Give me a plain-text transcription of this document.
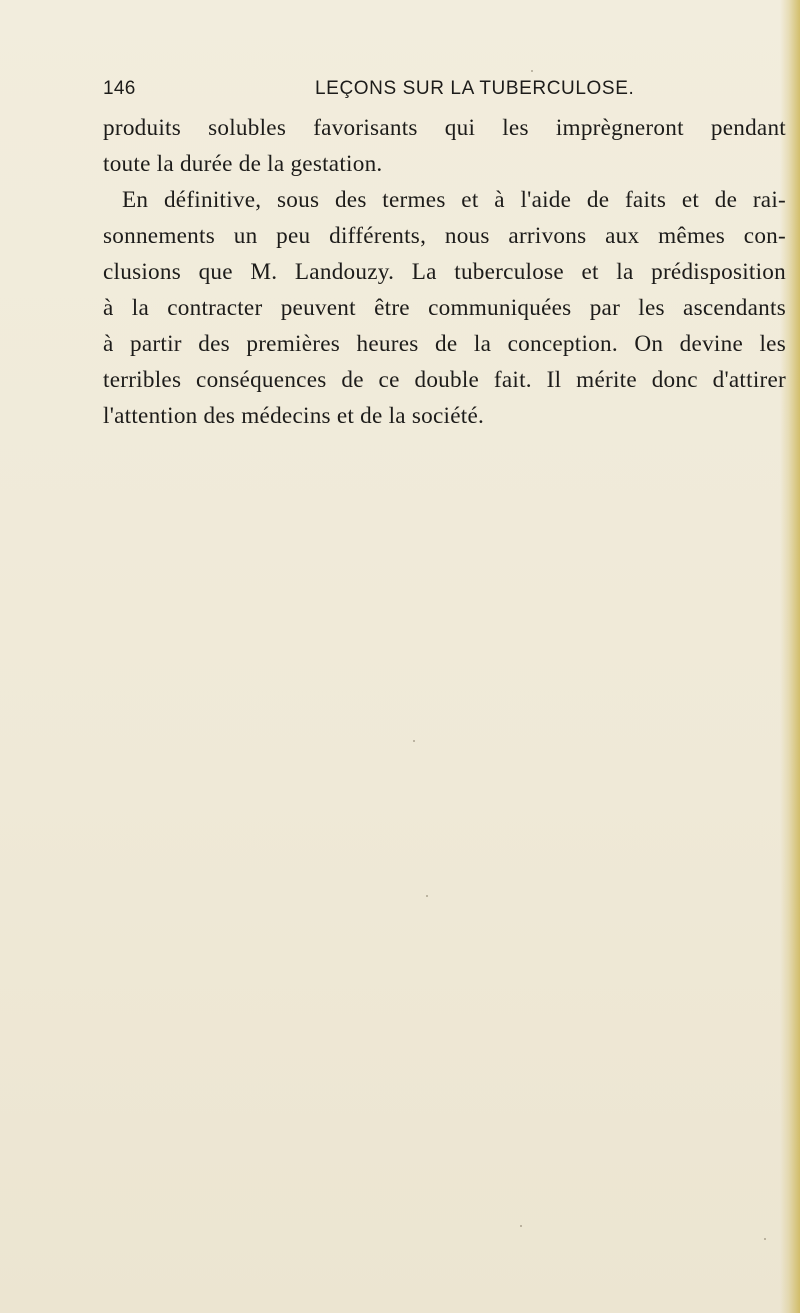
146	LEÇONS SUR LA TUBERCULOSE.
produits solubles favorisants qui les imprègneront pendant
toute la durée de la gestation.
En définitive, sous des termes et à l'aide de faits et de rai-
sonnements un peu différents, nous arrivons aux mêmes con-
clusions que M. Landouzy. La tuberculose et la prédisposition
à la contracter peuvent être communiquées par les ascendants
à partir des premières heures de la conception. On devine les
terribles conséquences de ce double fait. Il mérite donc d'attirer
l'attention des médecins et de la société.
